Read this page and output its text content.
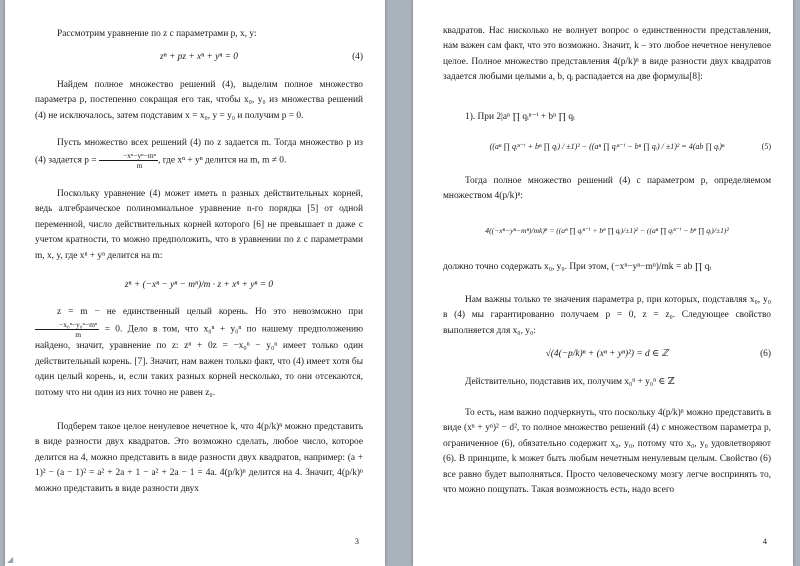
Рассмотрим уравнение по z с параметрами p, x, y:

zⁿ + pz + xⁿ + yⁿ = 0	(4)

Найдем полное множество решений (4), выделим полное множество параметра p, постепенно сокращая его так, чтобы x₀, y₀ из множества решений (4) не исключалось, затем подставим x = x₀, y = y₀ и получим p = 0.

Пусть множество всех решений (4) по z задается m. Тогда множество p из (4) задается $p = \frac{\text{−xⁿ−yⁿ−mⁿ}}{m}$ , где xⁿ + yⁿ делится на m, m ≠ 0.

Поскольку уравнение (4) может иметь n разных действительных корней, ведь алгебраическое полиномиальное уравнение n-го порядка [5] от одной переменной, число действительных корней которого [6] не превышает n даже с учетом кратности, то можно предположить, что в уравнении по z с параметрами m, x, y, где xⁿ + yⁿ делится на m:

zⁿ + (−xⁿ − yⁿ − mⁿ)/m · z + xⁿ + yⁿ = 0

z = m − не единственный целый корень. Но это невозможно при
$\frac{\text{−x₀ⁿ−y₀ⁿ−mⁿ}}{m} = 0$. Дело в том, что x₀ⁿ + y₀ⁿ по нашему предположению найдено, значит, уравнение по z: zⁿ + 0z = −x₀ⁿ − y₀ⁿ имеет только один действительный корень. [7]. Значит, нам важен только факт, что (4) имеет хотя бы один целый корень, и, если таких разных корней несколько, то они отсекаются, потому что ни один из них точно не равен z₀.

Подберем такое целое ненулевое нечетное k, что 4(p/k)ⁿ можно представить в виде разности двух квадратов. Это возможно сделать, любое число, которое делится на 4, можно представить в виде разности двух квадратов, например: (a + 1)² − (a − 1)² = a² + 2a + 1 − a² + 2a − 1 = 4a. 4(p/k)ⁿ делится на 4. Значит, 4(p/k)ⁿ можно представить в виде разности двух

3
◢

квадратов. Нас нисколько не волнует вопрос о единственности представления, нам важен сам факт, что это возможно. Значит, k – это любое нечетное ненулевое целое. Полное множество представления 4(p/k)ⁿ в виде разности двух квадратов задается любыми целыми a, b, qᵢ распадается на две формулы[8]:

1). При 2|aⁿ ∏ qᵢⁿ⁻ⁱ + bⁿ ∏ qᵢ

((aⁿ ∏ qᵢⁿ⁻ⁱ + bⁿ ∏ qᵢ) / ±1)² − ((aⁿ ∏ qᵢⁿ⁻ⁱ − bⁿ ∏ qᵢ) / ±1)² = 4(ab ∏ qᵢ)ⁿ	(5)

Тогда полное множество решений (4) с параметром p, определяемом множеством 4(p/k)ⁿ:

4((−xⁿ−yⁿ−mⁿ)/mk)ⁿ = ((aⁿ ∏ qᵢⁿ⁻ⁱ + bⁿ ∏ qᵢ)/±1)² − ((aⁿ ∏ qᵢⁿ⁻ⁱ − bⁿ ∏ qᵢ)/±1)²

должно точно содержать x₀, y₀. При этом, (−xⁿ−yⁿ−mⁿ)/mk = ab ∏ qᵢ

Нам важны только те значения параметра p, при которых, подставляя x₀, y₀ в (4) мы гарантированно получаем p = 0, z = z₀. Следующее свойство выполняется для x₀, y₀:

√(4(−p/k)ⁿ + (xⁿ + yⁿ)²) = d ∈ ℤ	(6)

Действительно, подставив их, получим x₀ⁿ + y₀ⁿ ∈ ℤ

То есть, нам важно подчеркнуть, что поскольку 4(p/k)ⁿ можно представить в виде (xⁿ + yⁿ)² − d², то полное множество решений (4) с множеством параметра p, ограниченное (6), обязательно содержит x₀, y₀, потому что x₀, y₀ удовлетворяют (6). В принципе, k может быть любым нечетным ненулевым целым. Свойство (6) все равно будет выполняться. Просто человеческому мозгу легче воспринять то, что можно пощупать. Такая возможность есть, надо всего

4
